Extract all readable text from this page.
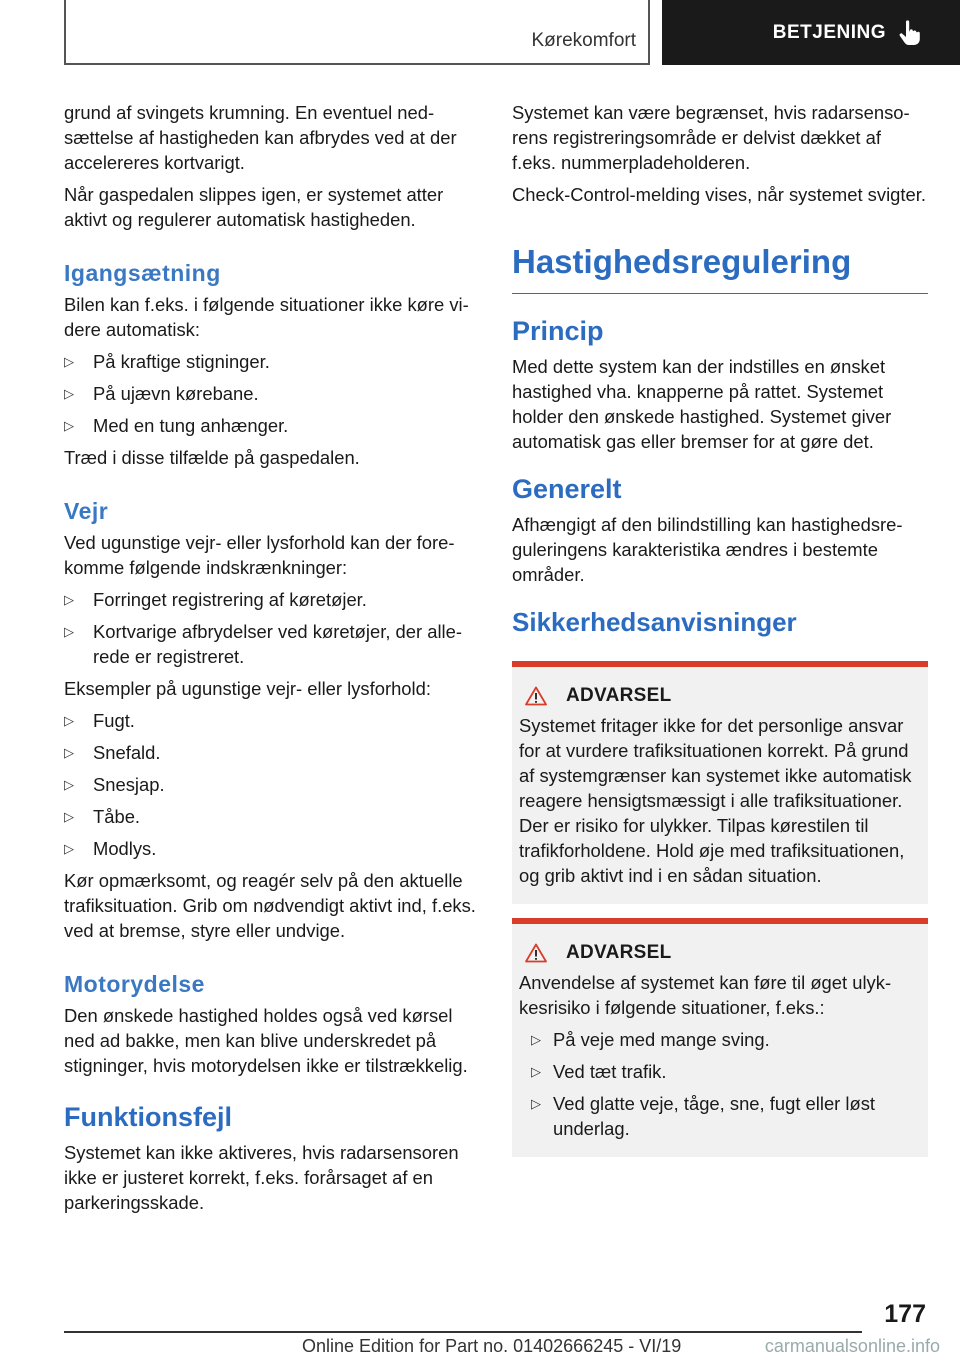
Kørekomfort	BETJENING

grund af svingets krumning. En eventuel nedsættelse af hastigheden kan afbrydes ved at der accelereres kortvarigt.

Når gaspedalen slippes igen, er systemet atter aktivt og regulerer automatisk hastigheden.

Igangsætning

Bilen kan f.eks. i følgende situationer ikke køre videre automatisk:

▷ På kraftige stigninger.
▷ På ujævn kørebane.
▷ Med en tung anhænger.

Træd i disse tilfælde på gaspedalen.

Vejr

Ved ugunstige vejr- eller lysforhold kan der forekomme følgende indskrænkninger:

▷ Forringet registrering af køretøjer.
▷ Kortvarige afbrydelser ved køretøjer, der allerede er registreret.

Eksempler på ugunstige vejr- eller lysforhold:

▷ Fugt.
▷ Snefald.
▷ Snesjap.
▷ Tåbe.
▷ Modlys.

Kør opmærksomt, og reagér selv på den aktuelle trafiksituation. Grib om nødvendigt aktivt ind, f.eks. ved at bremse, styre eller undvige.

Motorydelse

Den ønskede hastighed holdes også ved kørsel ned ad bakke, men kan blive underskredet på stigninger, hvis motorydelsen ikke er tilstrækkelig.

Funktionsfejl

Systemet kan ikke aktiveres, hvis radarsensoren ikke er justeret korrekt, f.eks. forårsaget af en parkeringsskade.

Systemet kan være begrænset, hvis radarsensorens registreringsområde er delvist dækket af f.eks. nummerpladeholderen.

Check-Control-melding vises, når systemet svigter.

Hastighedsregulering
Princip

Med dette system kan der indstilles en ønsket hastighed vha. knapperne på rattet. Systemet holder den ønskede hastighed. Systemet giver automatisk gas eller bremser for at gøre det.

Generelt

Afhængigt af den bilindstilling kan hastighedsreguleringens karakteristika ændres i bestemte områder.

Sikkerhedsanvisninger
ADVARSEL

Systemet fritager ikke for det personlige ansvar for at vurdere trafiksituationen korrekt. På grund af systemgrænser kan systemet ikke automatisk reagere hensigtsmæssigt i alle trafiksituationer. Der er risiko for ulykker. Tilpas kørestilen til trafikforholdene. Hold øje med trafiksituationen, og grib aktivt ind i en sådan situation.

ADVARSEL

Anvendelse af systemet kan føre til øget ulykkesrisiko i følgende situationer, f.eks.:

▷ På veje med mange sving.
▷ Ved tæt trafik.
▷ Ved glatte veje, tåge, sne, fugt eller løst underlag.
177
Online Edition for Part no. 01402666245 - VI/19	carmanualsonline.info
